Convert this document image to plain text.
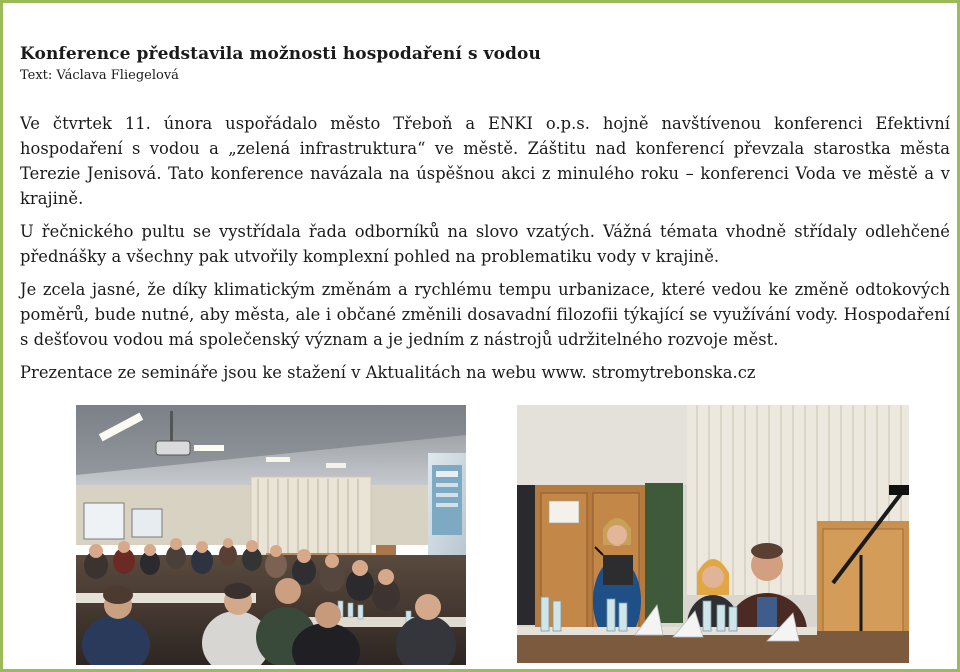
Konference představila možnosti hospodaření s vodou

Text: Václava Fliegelová

Ve čtvrtek 11. února uspořádalo město Třeboň a ENKI o.p.s. hojně navštívenou konferenci Efektivní hospodaření s vodou a „zelená infrastruktura“ ve městě. Záštitu nad konferencí převzala starostka města Terezie Jenisová. Tato konference navázala na úspěšnou akci z minulého roku – konferenci Voda ve městě a v krajině.

U řečnického pultu se vystřídala řada odborníků na slovo vzatých. Vážná témata vhodně střídaly odlehčené přednášky a všechny pak utvořily komplexní pohled na problematiku vody v krajině.

Je zcela jasné, že díky klimatickým změnám a rychlému tempu urbanizace, které vedou ke změně odtokových poměrů, bude nutné, aby města, ale i občané změnili dosavadní filozofii týkající se využívání vody. Hospodaření s dešťovou vodou má společenský význam a je jedním z nástrojů udržitelného rozvoje měst.

Prezentace ze semináře jsou ke stažení v Aktualitách na webu www. stromytrebonska.cz
